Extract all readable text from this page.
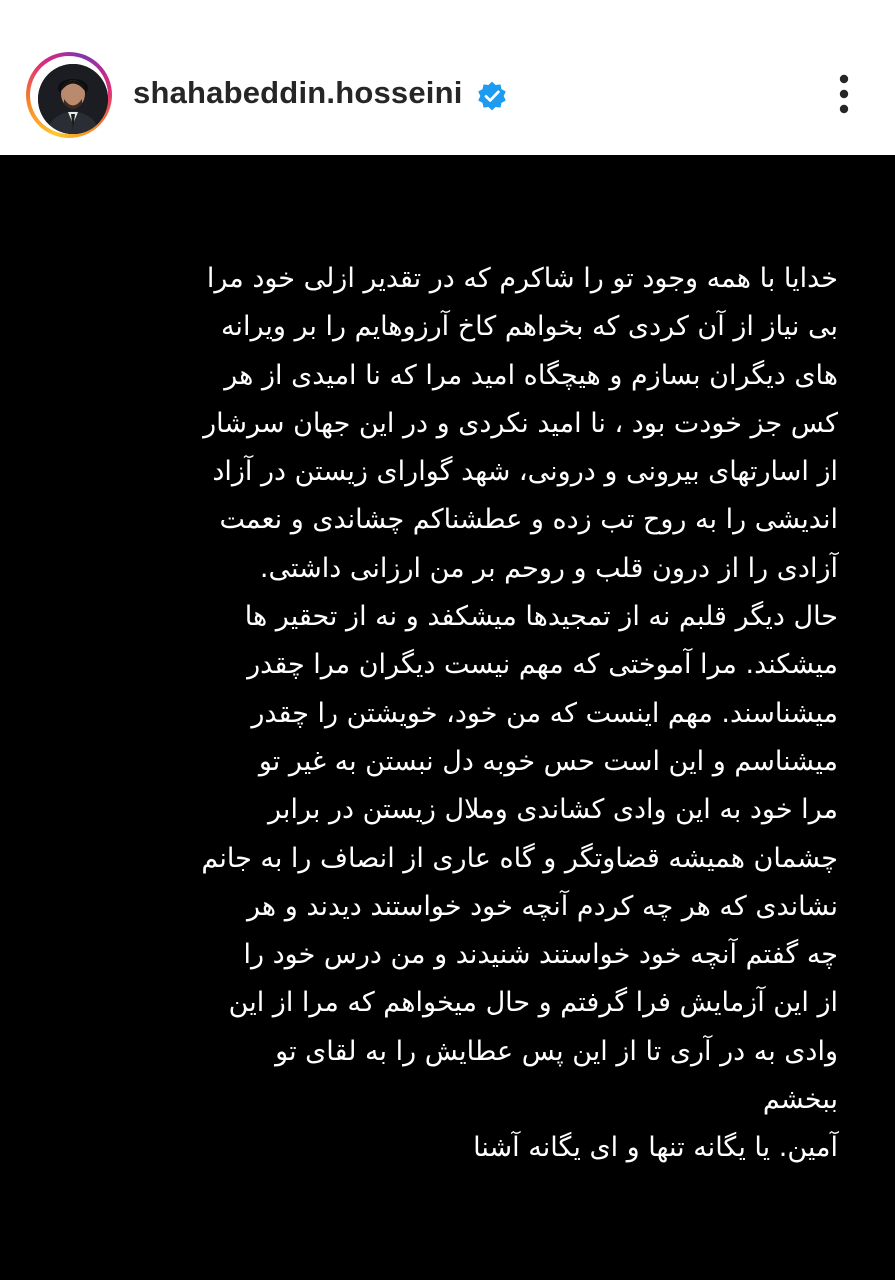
shahabeddin.hosseini

خدایا با همه وجود تو را شاکرم که در تقدیر ازلی خود مرا
بی نیاز از آن کردی که بخواهم کاخ آرزوهایم را بر ویرانه
های دیگران بسازم و هیچگاه امید مرا که نا امیدی از هر
کس جز خودت بود ، نا امید نکردی و در این جهان سرشار
از اسارتهای بیرونی و درونی، شهد گوارای زیستن در آزاد
اندیشی را به روح تب زده و عطشناکم چشاندی و نعمت
آزادی را از درون قلب و روحم بر من ارزانی داشتی.
حال دیگر قلبم نه از تمجیدها میشکفد و نه از تحقیر ها
میشکند. مرا آموختی که مهم نیست دیگران مرا چقدر
میشناسند. مهم اینست که من خود، خویشتن را چقدر
میشناسم و این است حس خوبه دل نبستن به غیر تو
مرا خود به این وادی کشاندی وملال زیستن در برابر
چشمان همیشه قضاوتگر و گاه عاری از انصاف را به جانم
نشاندی که هر چه کردم آنچه خود خواستند دیدند و هر
چه گفتم آنچه خود خواستند شنیدند و من درس خود را
از این آزمایش فرا گرفتم و حال میخواهم که مرا از این
وادی به در آری تا از این پس عطایش را به لقای تو
ببخشم
آمین. یا یگانه تنها و ای یگانه آشنا
